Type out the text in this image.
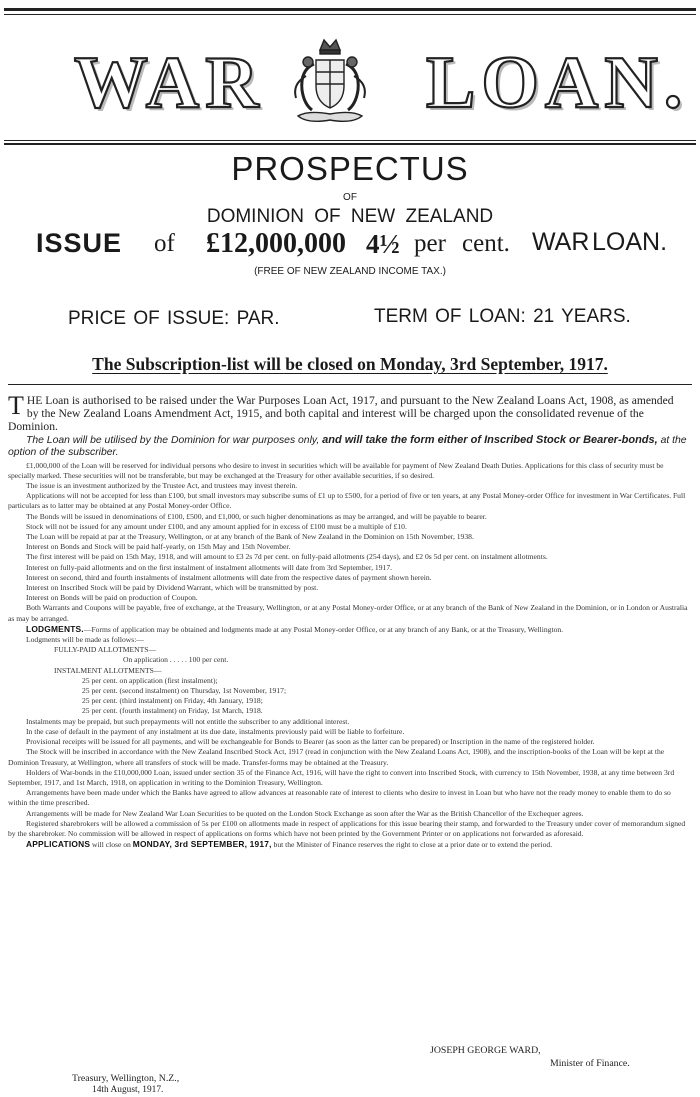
WAR LOAN.
PROSPECTUS
OF
DOMINION OF NEW ZEALAND
ISSUE of £12,000,000 4½ per cent. WAR LOAN.
(FREE OF NEW ZEALAND INCOME TAX.)
PRICE OF ISSUE: PAR.	TERM OF LOAN: 21 YEARS.
The Subscription-list will be closed on Monday, 3rd September, 1917.

THE Loan is authorised to be raised under the War Purposes Loan Act, 1917, and pursuant to the New Zealand Loans Act, 1908, as amended by the New Zealand Loans Amendment Act, 1915, and both capital and interest will be charged upon the consolidated revenue of the Dominion.

The Loan will be utilised by the Dominion for war purposes only, and will take the form either of Inscribed Stock or Bearer-bonds, at the option of the subscriber.

£1,000,000 of the Loan will be reserved for individual persons who desire to invest in securities which will be available for payment of New Zealand Death Duties. Applications for this class of security must be specially marked. These securities will not be transferable, but may be exchanged at the Treasury for other available securities, if so desired.

The issue is an investment authorized by the Trustee Act, and trustees may invest therein.

Applications will not be accepted for less than £100, but small investors may subscribe sums of £1 up to £500, for a period of five or ten years, at any Postal Money-order Office for investment in War Certificates. Full particulars as to latter may be obtained at any Postal Money-order Office.

The Bonds will be issued in denominations of £100, £500, and £1,000, or such higher denominations as may be arranged, and will be payable to bearer.

Stock will not be issued for any amount under £100, and any amount applied for in excess of £100 must be a multiple of £10.

The Loan will be repaid at par at the Treasury, Wellington, or at any branch of the Bank of New Zealand in the Dominion on 15th November, 1938.

Interest on Bonds and Stock will be paid half-yearly, on 15th May and 15th November.

The first interest will be paid on 15th May, 1918, and will amount to £3 2s 7d per cent. on fully-paid allotments (254 days), and £2 0s 5d per cent. on instalment allotments.

Interest on fully-paid allotments and on the first instalment of instalment allotments will date from 3rd September, 1917.

Interest on second, third and fourth instalments of instalment allotments will date from the respective dates of payment shown herein.

Interest on Inscribed Stock will be paid by Dividend Warrant, which will be transmitted by post.

Interest on Bonds will be paid on production of Coupon.

Both Warrants and Coupons will be payable, free of exchange, at the Treasury, Wellington, or at any Postal Money-order Office, or at any branch of the Bank of New Zealand in the Dominion, or in London or Australia as may be arranged.

LODGMENTS.—Forms of application may be obtained and lodgments made at any Postal Money-order Office, or at any branch of any Bank, or at the Treasury, Wellington.

Lodgments will be made as follows:—

FULLY-PAID ALLOTMENTS—

On application . . . . . 100 per cent.

INSTALMENT ALLOTMENTS—

25 per cent. on application (first instalment);

25 per cent. (second instalment) on Thursday, 1st November, 1917;

25 per cent. (third instalment) on Friday, 4th January, 1918;

25 per cent. (fourth instalment) on Friday, 1st March, 1918.

Instalments may be prepaid, but such prepayments will not entitle the subscriber to any additional interest.

In the case of default in the payment of any instalment at its due date, instalments previously paid will be liable to forfeiture.

Provisional receipts will be issued for all payments, and will be exchangeable for Bonds to Bearer (as soon as the latter can be prepared) or Inscription in the name of the registered holder.

The Stock will be inscribed in accordance with the New Zealand Inscribed Stock Act, 1917 (read in conjunction with the New Zealand Loans Act, 1908), and the inscription-books of the Loan will be kept at the Dominion Treasury, at Wellington, where all transfers of stock will be made. Transfer-forms may be obtained at the Treasury.

Holders of War-bonds in the £10,000,000 Loan, issued under section 35 of the Finance Act, 1916, will have the right to convert into Inscribed Stock, with currency to 15th November, 1938, at any time between 3rd September, 1917, and 1st March, 1918, on application in writing to the Dominion Treasury, Wellington.

Arrangements have been made under which the Banks have agreed to allow advances at reasonable rate of interest to clients who desire to invest in Loan but who have not the ready money to enable them to do so within the time prescribed.

Arrangements will be made for New Zealand War Loan Securities to be quoted on the London Stock Exchange as soon after the War as the British Chancellor of the Exchequer agrees.

Registered sharebrokers will be allowed a commission of 5s per £100 on allotments made in respect of applications for this issue bearing their stamp, and forwarded to the Treasury under cover of memorandum signed by the sharebroker. No commission will be allowed in respect of applications on forms which have not been printed by the Government Printer or on applications not forwarded as aforesaid.

APPLICATIONS will close on MONDAY, 3rd SEPTEMBER, 1917, but the Minister of Finance reserves the right to close at a prior date or to extend the period.

JOSEPH GEORGE WARD,
Minister of Finance.
Treasury, Wellington, N.Z.,
14th August, 1917.
